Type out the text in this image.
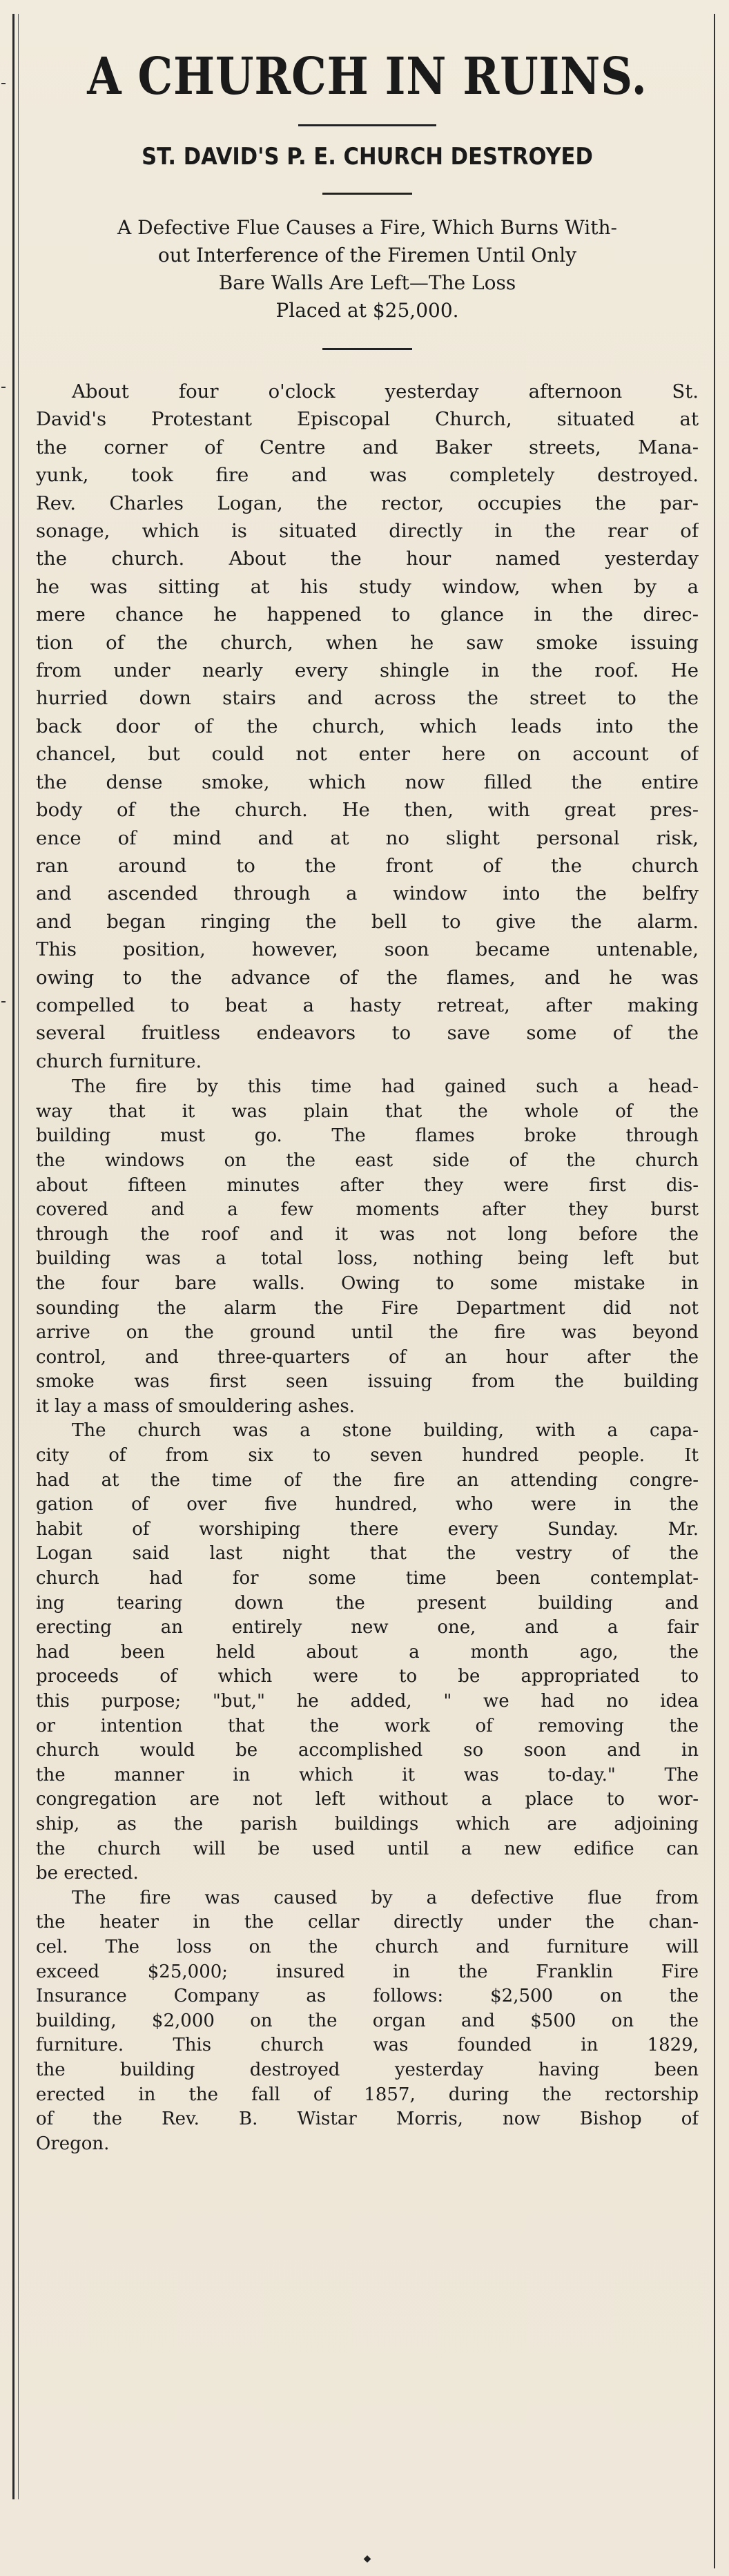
A CHURCH IN RUINS.
ST. DAVID'S P. E. CHURCH DESTROYED
A Defective Flue Causes a Fire, Which Burns With-
out Interference of the Firemen Until Only
Bare Walls Are Left—The Loss
Placed at $25,000.
About four o'clock yesterday afternoon St.
David's Protestant Episcopal Church, situated at
the corner of Centre and Baker streets, Mana-
yunk, took fire and was completely destroyed.
Rev. Charles Logan, the rector, occupies the par-
sonage, which is situated directly in the rear of
the church. About the hour named yesterday
he was sitting at his study window, when by a
mere chance he happened to glance in the direc-
tion of the church, when he saw smoke issuing
from under nearly every shingle in the roof. He
hurried down stairs and across the street to the
back door of the church, which leads into the
chancel, but could not enter here on account of
the dense smoke, which now filled the entire
body of the church. He then, with great pres-
ence of mind and at no slight personal risk,
ran around to the front of the church
and ascended through a window into the belfry
and began ringing the bell to give the alarm.
This position, however, soon became untenable,
owing to the advance of the flames, and he was
compelled to beat a hasty retreat, after making
several fruitless endeavors to save some of the
church furniture.
The fire by this time had gained such a head-
way that it was plain that the whole of the
building must go. The flames broke through
the windows on the east side of the church
about fifteen minutes after they were first dis-
covered and a few moments after they burst
through the roof and it was not long before the
building was a total loss, nothing being left but
the four bare walls. Owing to some mistake in
sounding the alarm the Fire Department did not
arrive on the ground until the fire was beyond
control, and three-quarters of an hour after the
smoke was first seen issuing from the building
it lay a mass of smouldering ashes.
The church was a stone building, with a capa-
city of from six to seven hundred people. It
had at the time of the fire an attending congre-
gation of over five hundred, who were in the
habit of worshiping there every Sunday. Mr.
Logan said last night that the vestry of the
church had for some time been contemplat-
ing tearing down the present building and
erecting an entirely new one, and a fair
had been held about a month ago, the
proceeds of which were to be appropriated to
this purpose; "but," he added, " we had no idea
or intention that the work of removing the
church would be accomplished so soon and in
the manner in which it was to-day." The
congregation are not left without a place to wor-
ship, as the parish buildings which are adjoining
the church will be used until a new edifice can
be erected.
The fire was caused by a defective flue from
the heater in the cellar directly under the chan-
cel. The loss on the church and furniture will
exceed $25,000; insured in the Franklin Fire
Insurance Company as follows: $2,500 on the
building, $2,000 on the organ and $500 on the
furniture. This church was founded in 1829,
the building destroyed yesterday having been
erected in the fall of 1857, during the rectorship
of the Rev. B. Wistar Morris, now Bishop of
Oregon.
◆
